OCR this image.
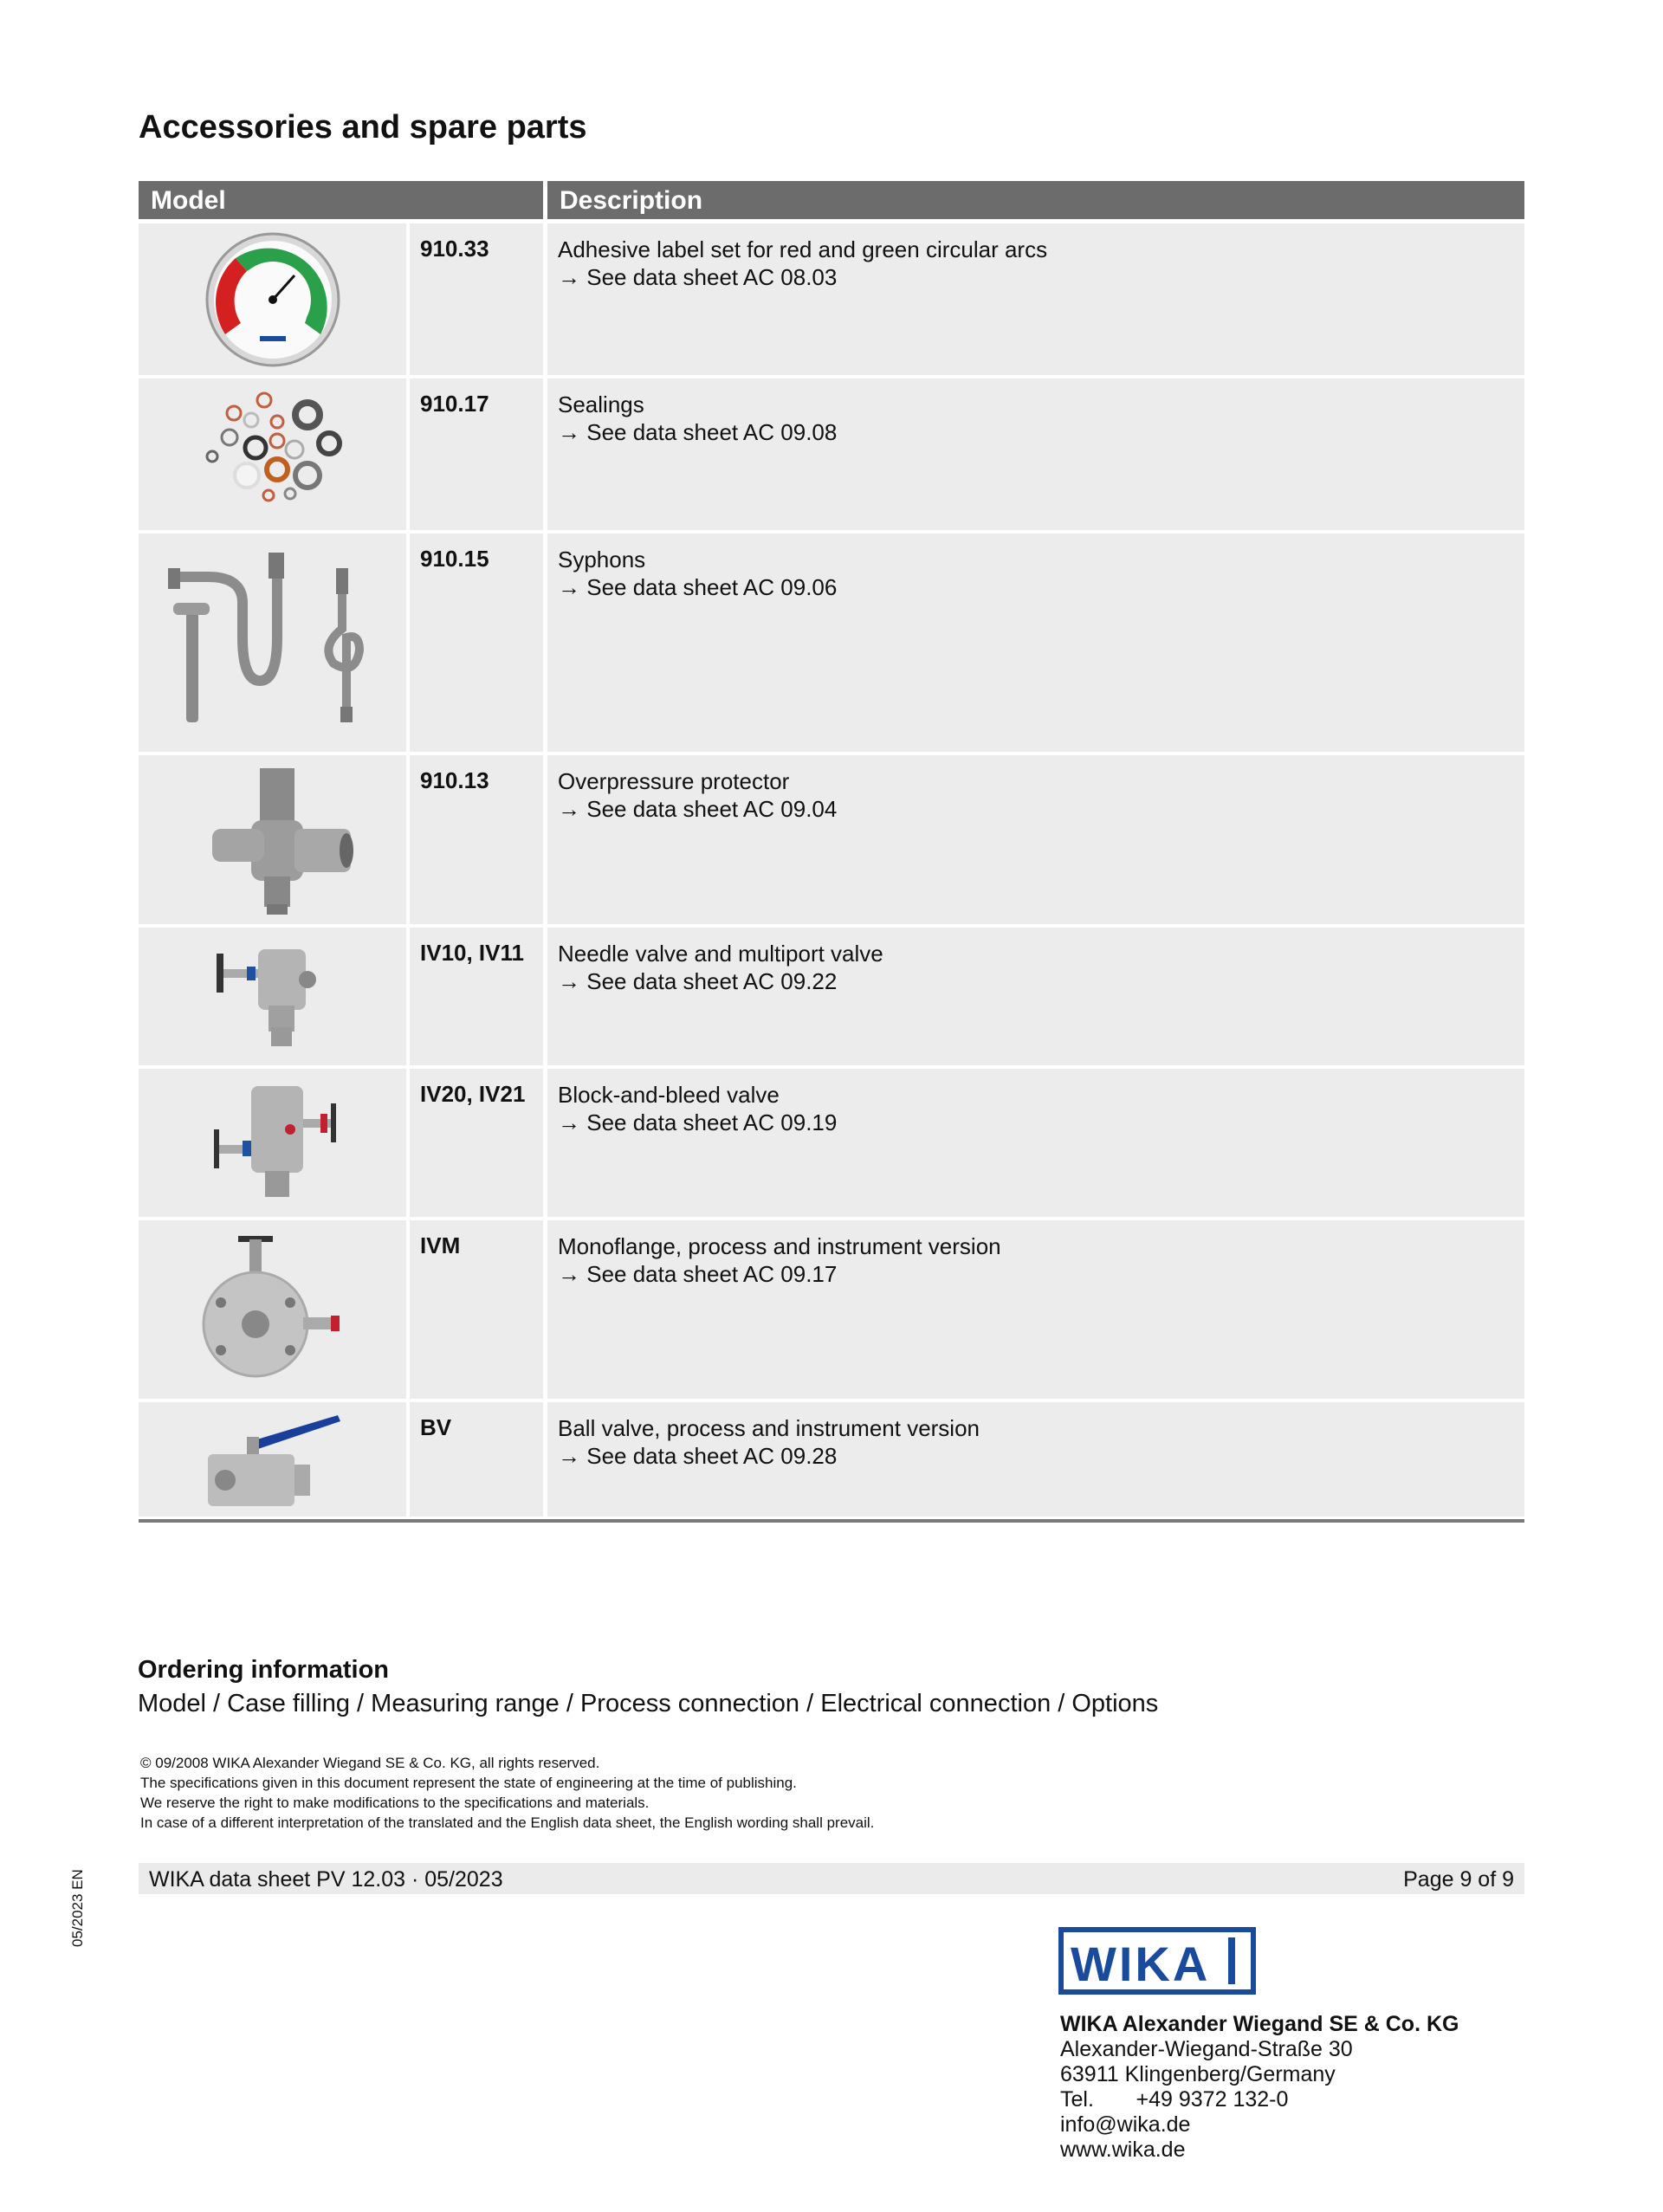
Accessories and spare parts
Model	Description
910.33	Adhesive label set for red and green circular arcs
→ See data sheet AC 08.03
910.17	Sealings
→ See data sheet AC 09.08
910.15	Syphons
→ See data sheet AC 09.06
910.13	Overpressure protector
→ See data sheet AC 09.04
IV10, IV11	Needle valve and multiport valve
→ See data sheet AC 09.22
IV20, IV21	Block-and-bleed valve
→ See data sheet AC 09.19
IVM	Monoflange, process and instrument version
→ See data sheet AC 09.17
BV	Ball valve, process and instrument version
→ See data sheet AC 09.28
Ordering information
Model / Case filling / Measuring range / Process connection / Electrical connection / Options
© 09/2008 WIKA Alexander Wiegand SE & Co. KG, all rights reserved.
The specifications given in this document represent the state of engineering at the time of publishing.
We reserve the right to make modifications to the specifications and materials.
In case of a different interpretation of the translated and the English data sheet, the English wording shall prevail.
WIKA data sheet PV 12.03 · 05/2023	Page 9 of 9
05/2023 EN
WIKA
WIKA Alexander Wiegand SE & Co. KG
Alexander-Wiegand-Straße 30
63911 Klingenberg/Germany
Tel.       +49 9372 132-0
info@wika.de
www.wika.de
